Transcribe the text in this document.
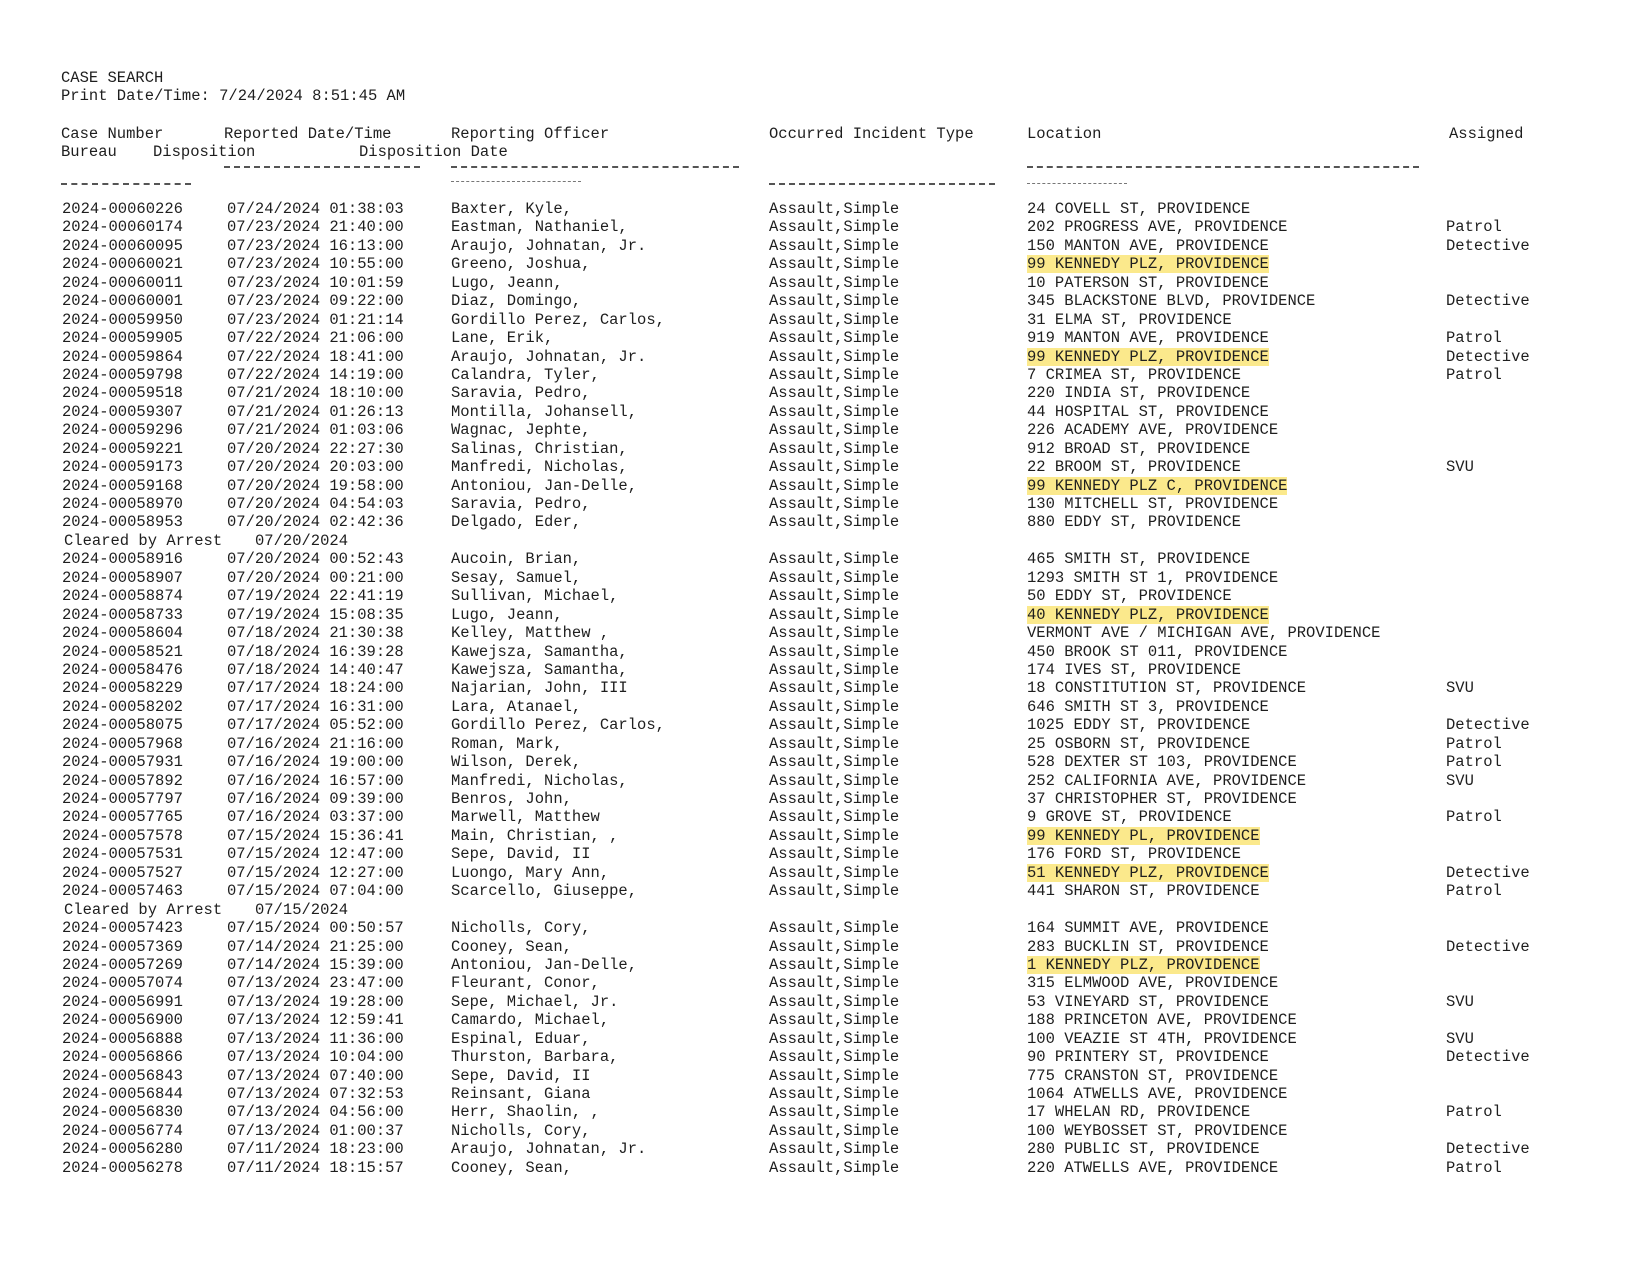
CASE SEARCH
Print Date/Time: 7/24/2024 8:51:45 AM
Case Number	Reported Date/Time	Reporting Officer	Occurred Incident Type	Location	Assigned
Bureau Disposition	Disposition Date
2024-00060226	07/24/2024 01:38:03	Baxter, Kyle,	Assault,Simple	24 COVELL ST, PROVIDENCE
2024-00060174	07/23/2024 21:40:00	Eastman, Nathaniel,	Assault,Simple	202 PROGRESS AVE, PROVIDENCE	Patrol
2024-00060095	07/23/2024 16:13:00	Araujo, Johnatan, Jr.	Assault,Simple	150 MANTON AVE, PROVIDENCE	Detective
2024-00060021	07/23/2024 10:55:00	Greeno, Joshua,	Assault,Simple	99 KENNEDY PLZ, PROVIDENCE
2024-00060011	07/23/2024 10:01:59	Lugo, Jeann,	Assault,Simple	10 PATERSON ST, PROVIDENCE
2024-00060001	07/23/2024 09:22:00	Diaz, Domingo,	Assault,Simple	345 BLACKSTONE BLVD, PROVIDENCE	Detective
2024-00059950	07/23/2024 01:21:14	Gordillo Perez, Carlos,	Assault,Simple	31 ELMA ST, PROVIDENCE
2024-00059905	07/22/2024 21:06:00	Lane, Erik,	Assault,Simple	919 MANTON AVE, PROVIDENCE	Patrol
2024-00059864	07/22/2024 18:41:00	Araujo, Johnatan, Jr.	Assault,Simple	99 KENNEDY PLZ, PROVIDENCE	Detective
2024-00059798	07/22/2024 14:19:00	Calandra, Tyler,	Assault,Simple	7 CRIMEA ST, PROVIDENCE	Patrol
2024-00059518	07/21/2024 18:10:00	Saravia, Pedro,	Assault,Simple	220 INDIA ST, PROVIDENCE
2024-00059307	07/21/2024 01:26:13	Montilla, Johansell,	Assault,Simple	44 HOSPITAL ST, PROVIDENCE
2024-00059296	07/21/2024 01:03:06	Wagnac, Jephte,	Assault,Simple	226 ACADEMY AVE, PROVIDENCE
2024-00059221	07/20/2024 22:27:30	Salinas, Christian,	Assault,Simple	912 BROAD ST, PROVIDENCE
2024-00059173	07/20/2024 20:03:00	Manfredi, Nicholas,	Assault,Simple	22 BROOM ST, PROVIDENCE	SVU
2024-00059168	07/20/2024 19:58:00	Antoniou, Jan-Delle,	Assault,Simple	99 KENNEDY PLZ C, PROVIDENCE
2024-00058970	07/20/2024 04:54:03	Saravia, Pedro,	Assault,Simple	130 MITCHELL ST, PROVIDENCE
2024-00058953	07/20/2024 02:42:36	Delgado, Eder,	Assault,Simple	880 EDDY ST, PROVIDENCE
Cleared by Arrest 07/20/2024
2024-00058916	07/20/2024 00:52:43	Aucoin, Brian,	Assault,Simple	465 SMITH ST, PROVIDENCE
2024-00058907	07/20/2024 00:21:00	Sesay, Samuel,	Assault,Simple	1293 SMITH ST 1, PROVIDENCE
2024-00058874	07/19/2024 22:41:19	Sullivan, Michael,	Assault,Simple	50 EDDY ST, PROVIDENCE
2024-00058733	07/19/2024 15:08:35	Lugo, Jeann,	Assault,Simple	40 KENNEDY PLZ, PROVIDENCE
2024-00058604	07/18/2024 21:30:38	Kelley, Matthew ,	Assault,Simple	VERMONT AVE / MICHIGAN AVE, PROVIDENCE
2024-00058521	07/18/2024 16:39:28	Kawejsza, Samantha,	Assault,Simple	450 BROOK ST 011, PROVIDENCE
2024-00058476	07/18/2024 14:40:47	Kawejsza, Samantha,	Assault,Simple	174 IVES ST, PROVIDENCE
2024-00058229	07/17/2024 18:24:00	Najarian, John, III	Assault,Simple	18 CONSTITUTION ST, PROVIDENCE	SVU
2024-00058202	07/17/2024 16:31:00	Lara, Atanael,	Assault,Simple	646 SMITH ST 3, PROVIDENCE
2024-00058075	07/17/2024 05:52:00	Gordillo Perez, Carlos,	Assault,Simple	1025 EDDY ST, PROVIDENCE	Detective
2024-00057968	07/16/2024 21:16:00	Roman, Mark,	Assault,Simple	25 OSBORN ST, PROVIDENCE	Patrol
2024-00057931	07/16/2024 19:00:00	Wilson, Derek,	Assault,Simple	528 DEXTER ST 103, PROVIDENCE	Patrol
2024-00057892	07/16/2024 16:57:00	Manfredi, Nicholas,	Assault,Simple	252 CALIFORNIA AVE, PROVIDENCE	SVU
2024-00057797	07/16/2024 09:39:00	Benros, John,	Assault,Simple	37 CHRISTOPHER ST, PROVIDENCE
2024-00057765	07/16/2024 03:37:00	Marwell, Matthew	Assault,Simple	9 GROVE ST, PROVIDENCE	Patrol
2024-00057578	07/15/2024 15:36:41	Main, Christian, ,	Assault,Simple	99 KENNEDY PL, PROVIDENCE
2024-00057531	07/15/2024 12:47:00	Sepe, David, II	Assault,Simple	176 FORD ST, PROVIDENCE
2024-00057527	07/15/2024 12:27:00	Luongo, Mary Ann,	Assault,Simple	51 KENNEDY PLZ, PROVIDENCE	Detective
2024-00057463	07/15/2024 07:04:00	Scarcello, Giuseppe,	Assault,Simple	441 SHARON ST, PROVIDENCE	Patrol
Cleared by Arrest 07/15/2024
2024-00057423	07/15/2024 00:50:57	Nicholls, Cory,	Assault,Simple	164 SUMMIT AVE, PROVIDENCE
2024-00057369	07/14/2024 21:25:00	Cooney, Sean,	Assault,Simple	283 BUCKLIN ST, PROVIDENCE	Detective
2024-00057269	07/14/2024 15:39:00	Antoniou, Jan-Delle,	Assault,Simple	1 KENNEDY PLZ, PROVIDENCE
2024-00057074	07/13/2024 23:47:00	Fleurant, Conor,	Assault,Simple	315 ELMWOOD AVE, PROVIDENCE
2024-00056991	07/13/2024 19:28:00	Sepe, Michael, Jr.	Assault,Simple	53 VINEYARD ST, PROVIDENCE	SVU
2024-00056900	07/13/2024 12:59:41	Camardo, Michael,	Assault,Simple	188 PRINCETON AVE, PROVIDENCE
2024-00056888	07/13/2024 11:36:00	Espinal, Eduar,	Assault,Simple	100 VEAZIE ST 4TH, PROVIDENCE	SVU
2024-00056866	07/13/2024 10:04:00	Thurston, Barbara,	Assault,Simple	90 PRINTERY ST, PROVIDENCE	Detective
2024-00056843	07/13/2024 07:40:00	Sepe, David, II	Assault,Simple	775 CRANSTON ST, PROVIDENCE
2024-00056844	07/13/2024 07:32:53	Reinsant, Giana	Assault,Simple	1064 ATWELLS AVE, PROVIDENCE
2024-00056830	07/13/2024 04:56:00	Herr, Shaolin, ,	Assault,Simple	17 WHELAN RD, PROVIDENCE	Patrol
2024-00056774	07/13/2024 01:00:37	Nicholls, Cory,	Assault,Simple	100 WEYBOSSET ST, PROVIDENCE
2024-00056280	07/11/2024 18:23:00	Araujo, Johnatan, Jr.	Assault,Simple	280 PUBLIC ST, PROVIDENCE	Detective
2024-00056278	07/11/2024 18:15:57	Cooney, Sean,	Assault,Simple	220 ATWELLS AVE, PROVIDENCE	Patrol
